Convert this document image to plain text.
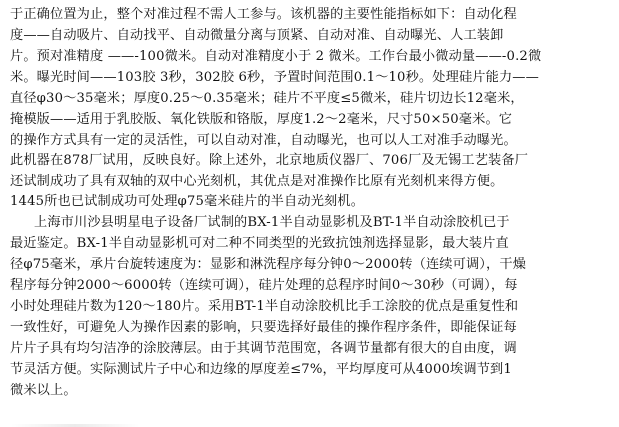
于正确位置为止，整个对准过程不需人工参与。该机器的主要性能指标如下：自动化程
度——自动吸片、自动找平、自动微量分离与顶紧、自动对准、自动曝光、人工装卸
片。预对准精度 ——-100微米。自动对准精度小于 2 微米。工作台最小微动量——-0.2微
米。曝光时间——103胶 3秒，302胶 6秒，予置时间范围0.1～10秒。处理硅片能力——
直径φ30～35毫米；厚度0.25～0.35毫米；硅片不平度≤5微米，硅片切边长12毫米，
掩模版——适用于乳胶版、氧化铁版和铬版，厚度1.2～2毫米，尺寸50×50毫米。它
的操作方式具有一定的灵活性，可以自动对准，自动曝光，也可以人工对准手动曝光。
此机器在878厂试用，反映良好。除上述外，北京地质仪器厂、706厂及无锡工艺装备厂
还试制成功了具有双轴的双中心光刻机，其优点是对准操作比原有光刻机来得方便。
1445所也已试制成功可处理φ75毫米硅片的半自动光刻机。
上海市川沙县明星电子设备厂试制的BX-1半自动显影机及BT-1半自动涂胶机已于
最近鉴定。BX-1半自动显影机可对二种不同类型的光致抗蚀剂选择显影，最大装片直
径φ75毫米，承片台旋转速度为：显影和淋洗程序每分钟0～2000转（连续可调），干燥
程序每分钟2000～6000转（连续可调），硅片处理的总程序时间0～30秒（可调），每
小时处理硅片数为120～180片。采用BT-1半自动涂胶机比手工涂胶的优点是重复性和
一致性好，可避免人为操作因素的影响，只要选择好最佳的操作程序条件，即能保证每
片片子具有均匀洁净的涂胶薄层。由于其调节范围宽，各调节量都有很大的自由度，调
节灵活方便。实际测试片子中心和边缘的厚度差≤7%，平均厚度可从4000埃调节到1
微米以上。
